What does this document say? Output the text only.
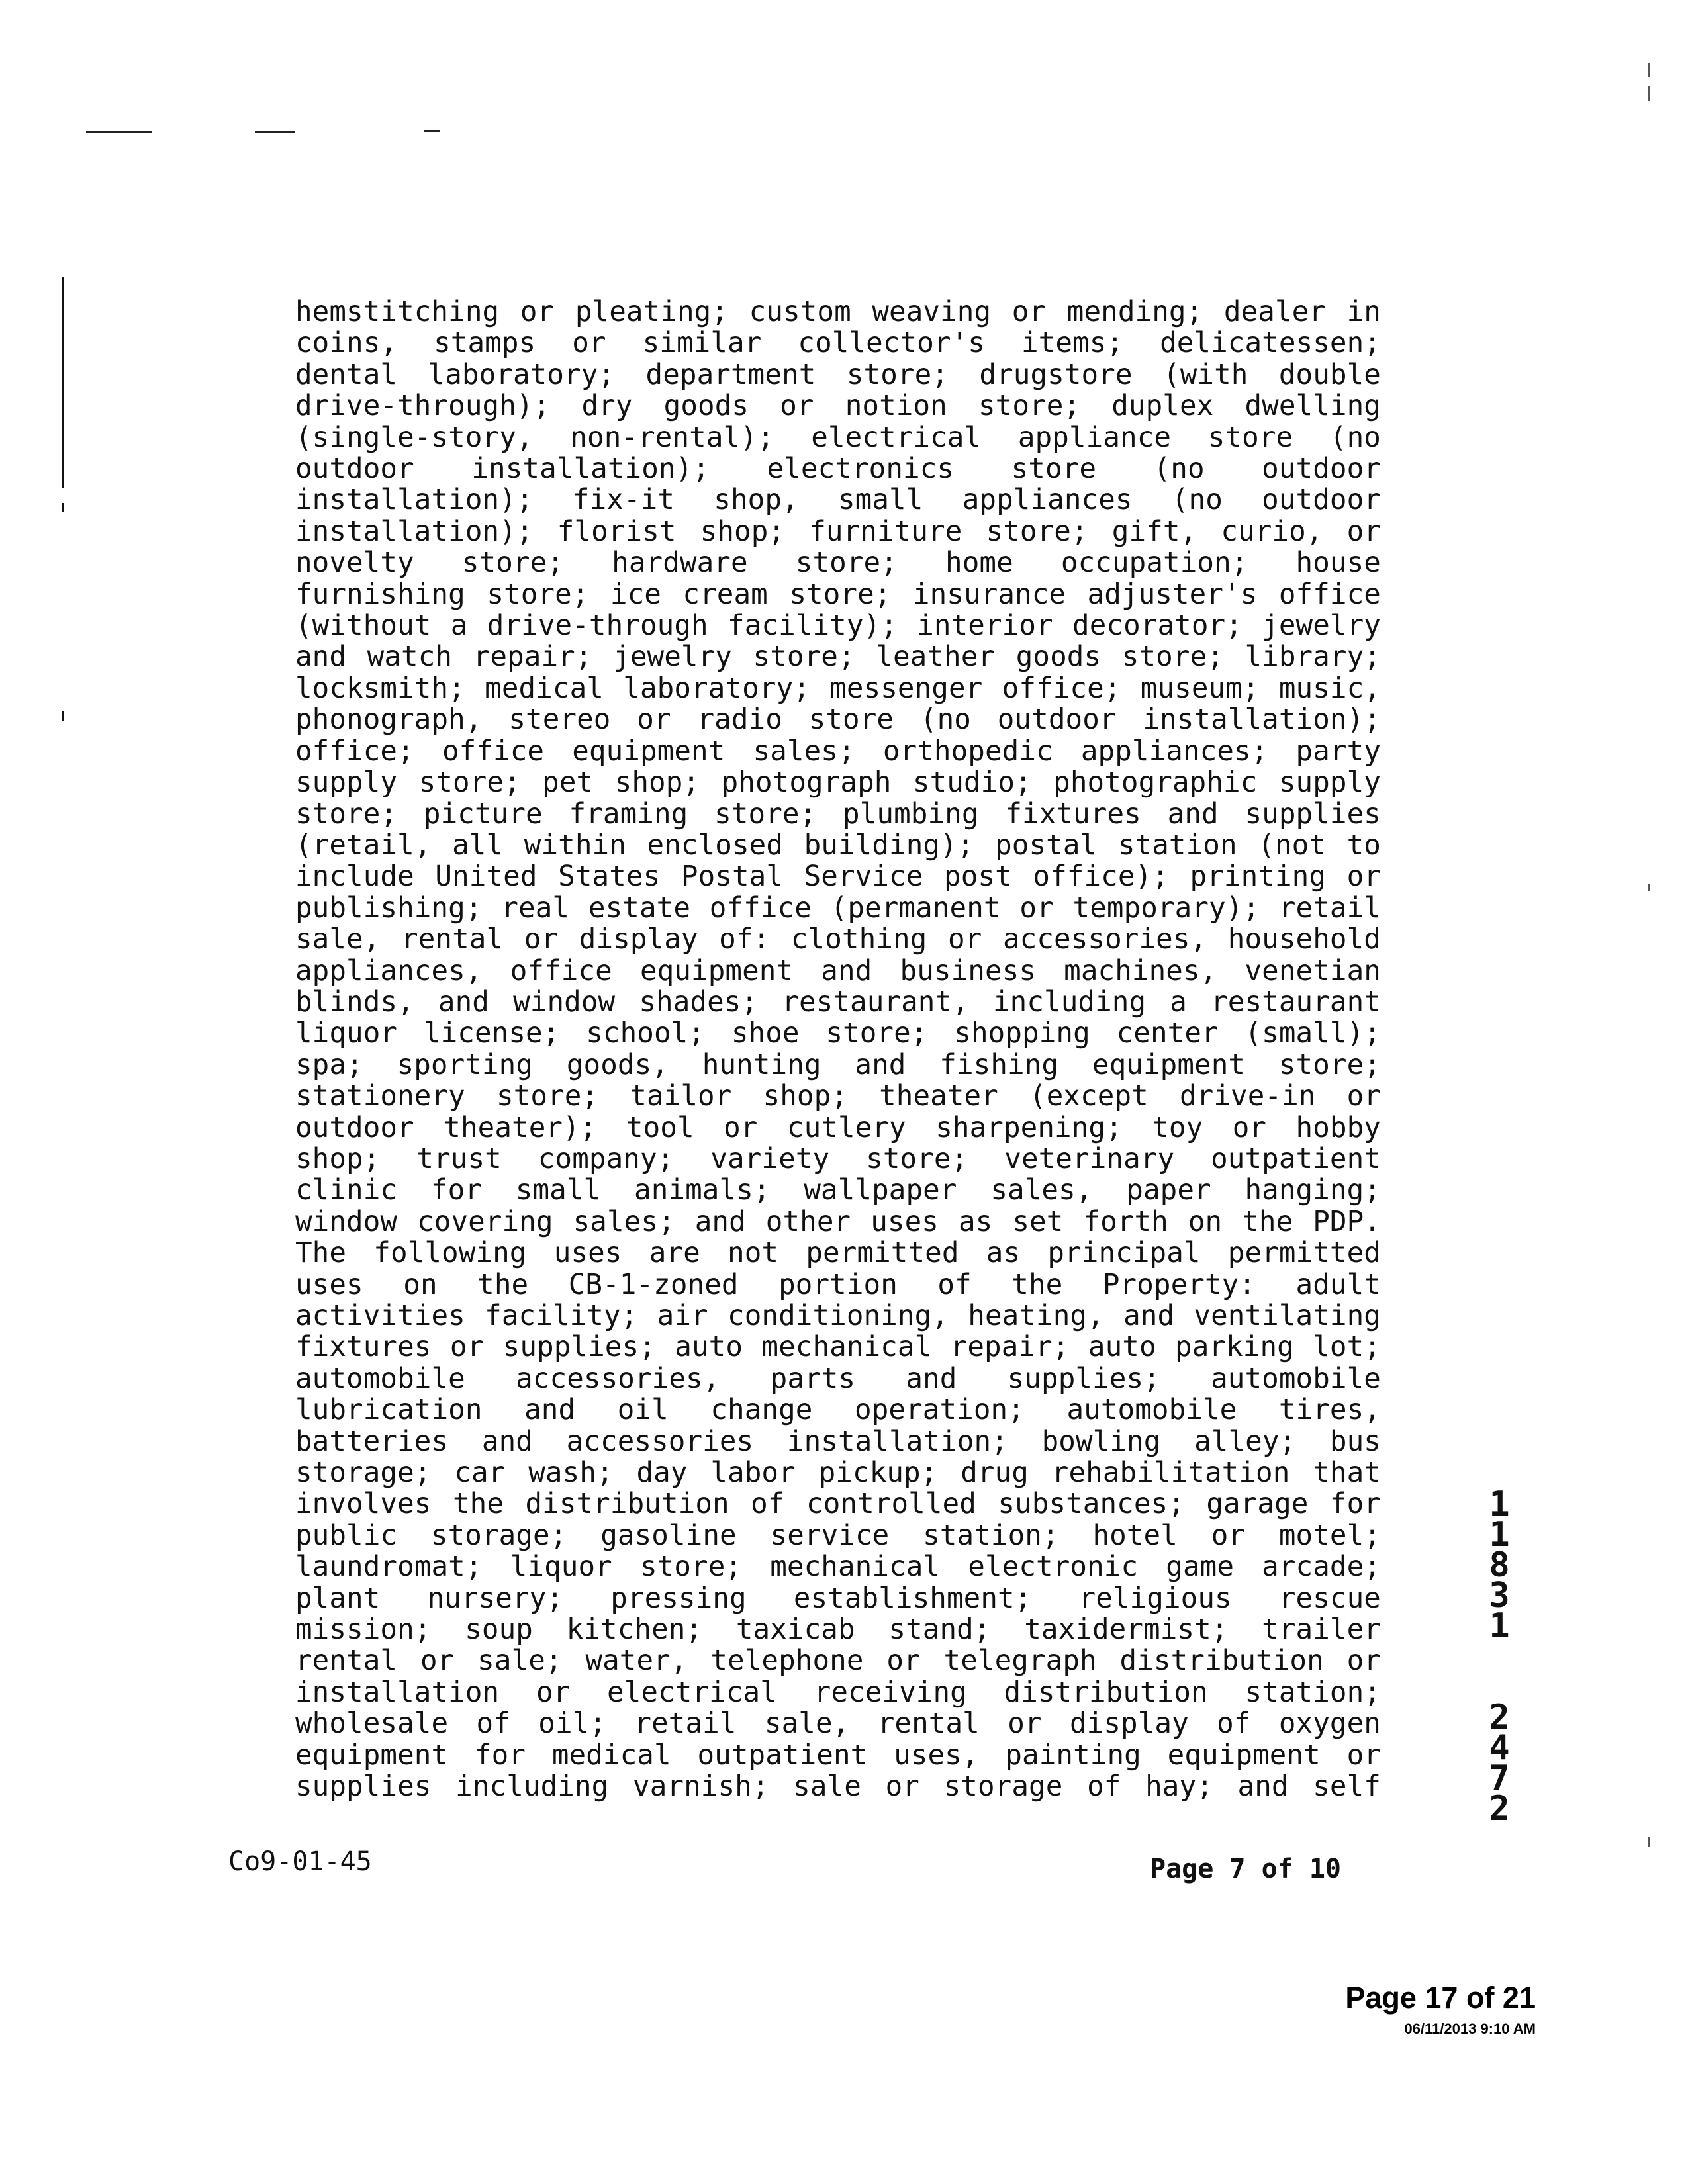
hemstitching or pleating; custom weaving or mending; dealer in
coins, stamps or similar collector's items; delicatessen;
dental laboratory; department store; drugstore (with double
drive-through); dry goods or notion store; duplex dwelling
(single-story, non-rental); electrical appliance store (no
outdoor installation); electronics store (no outdoor
installation); fix-it shop, small appliances (no outdoor
installation); florist shop; furniture store; gift, curio, or
novelty store; hardware store; home occupation; house
furnishing store; ice cream store; insurance adjuster's office
(without a drive-through facility); interior decorator; jewelry
and watch repair; jewelry store; leather goods store; library;
locksmith; medical laboratory; messenger office; museum; music,
phonograph, stereo or radio store (no outdoor installation);
office; office equipment sales; orthopedic appliances; party
supply store; pet shop; photograph studio; photographic supply
store; picture framing store; plumbing fixtures and supplies
(retail, all within enclosed building); postal station (not to
include United States Postal Service post office); printing or
publishing; real estate office (permanent or temporary); retail
sale, rental or display of: clothing or accessories, household
appliances, office equipment and business machines, venetian
blinds, and window shades; restaurant, including a restaurant
liquor license; school; shoe store; shopping center (small);
spa; sporting goods, hunting and fishing equipment store;
stationery store; tailor shop; theater (except drive-in or
outdoor theater); tool or cutlery sharpening; toy or hobby
shop; trust company; variety store; veterinary outpatient
clinic for small animals; wallpaper sales, paper hanging;
window covering sales; and other uses as set forth on the PDP.
The following uses are not permitted as principal permitted
uses on the CB-1-zoned portion of the Property: adult
activities facility; air conditioning, heating, and ventilating
fixtures or supplies; auto mechanical repair; auto parking lot;
automobile accessories, parts and supplies; automobile
lubrication and oil change operation; automobile tires,
batteries and accessories installation; bowling alley; bus
storage; car wash; day labor pickup; drug rehabilitation that
involves the distribution of controlled substances; garage for
public storage; gasoline service station; hotel or motel;
laundromat; liquor store; mechanical electronic game arcade;
plant nursery; pressing establishment; religious rescue
mission; soup kitchen; taxicab stand; taxidermist; trailer
rental or sale; water, telephone or telegraph distribution or
installation or electrical receiving distribution station;
wholesale of oil; retail sale, rental or display of oxygen
equipment for medical outpatient uses, painting equipment or
supplies including varnish; sale or storage of hay; and self
1
1
8
3
1
2
4
7
2
Co9-01-45	Page 7 of 10
Page 17 of 21
06/11/2013 9:10 AM
